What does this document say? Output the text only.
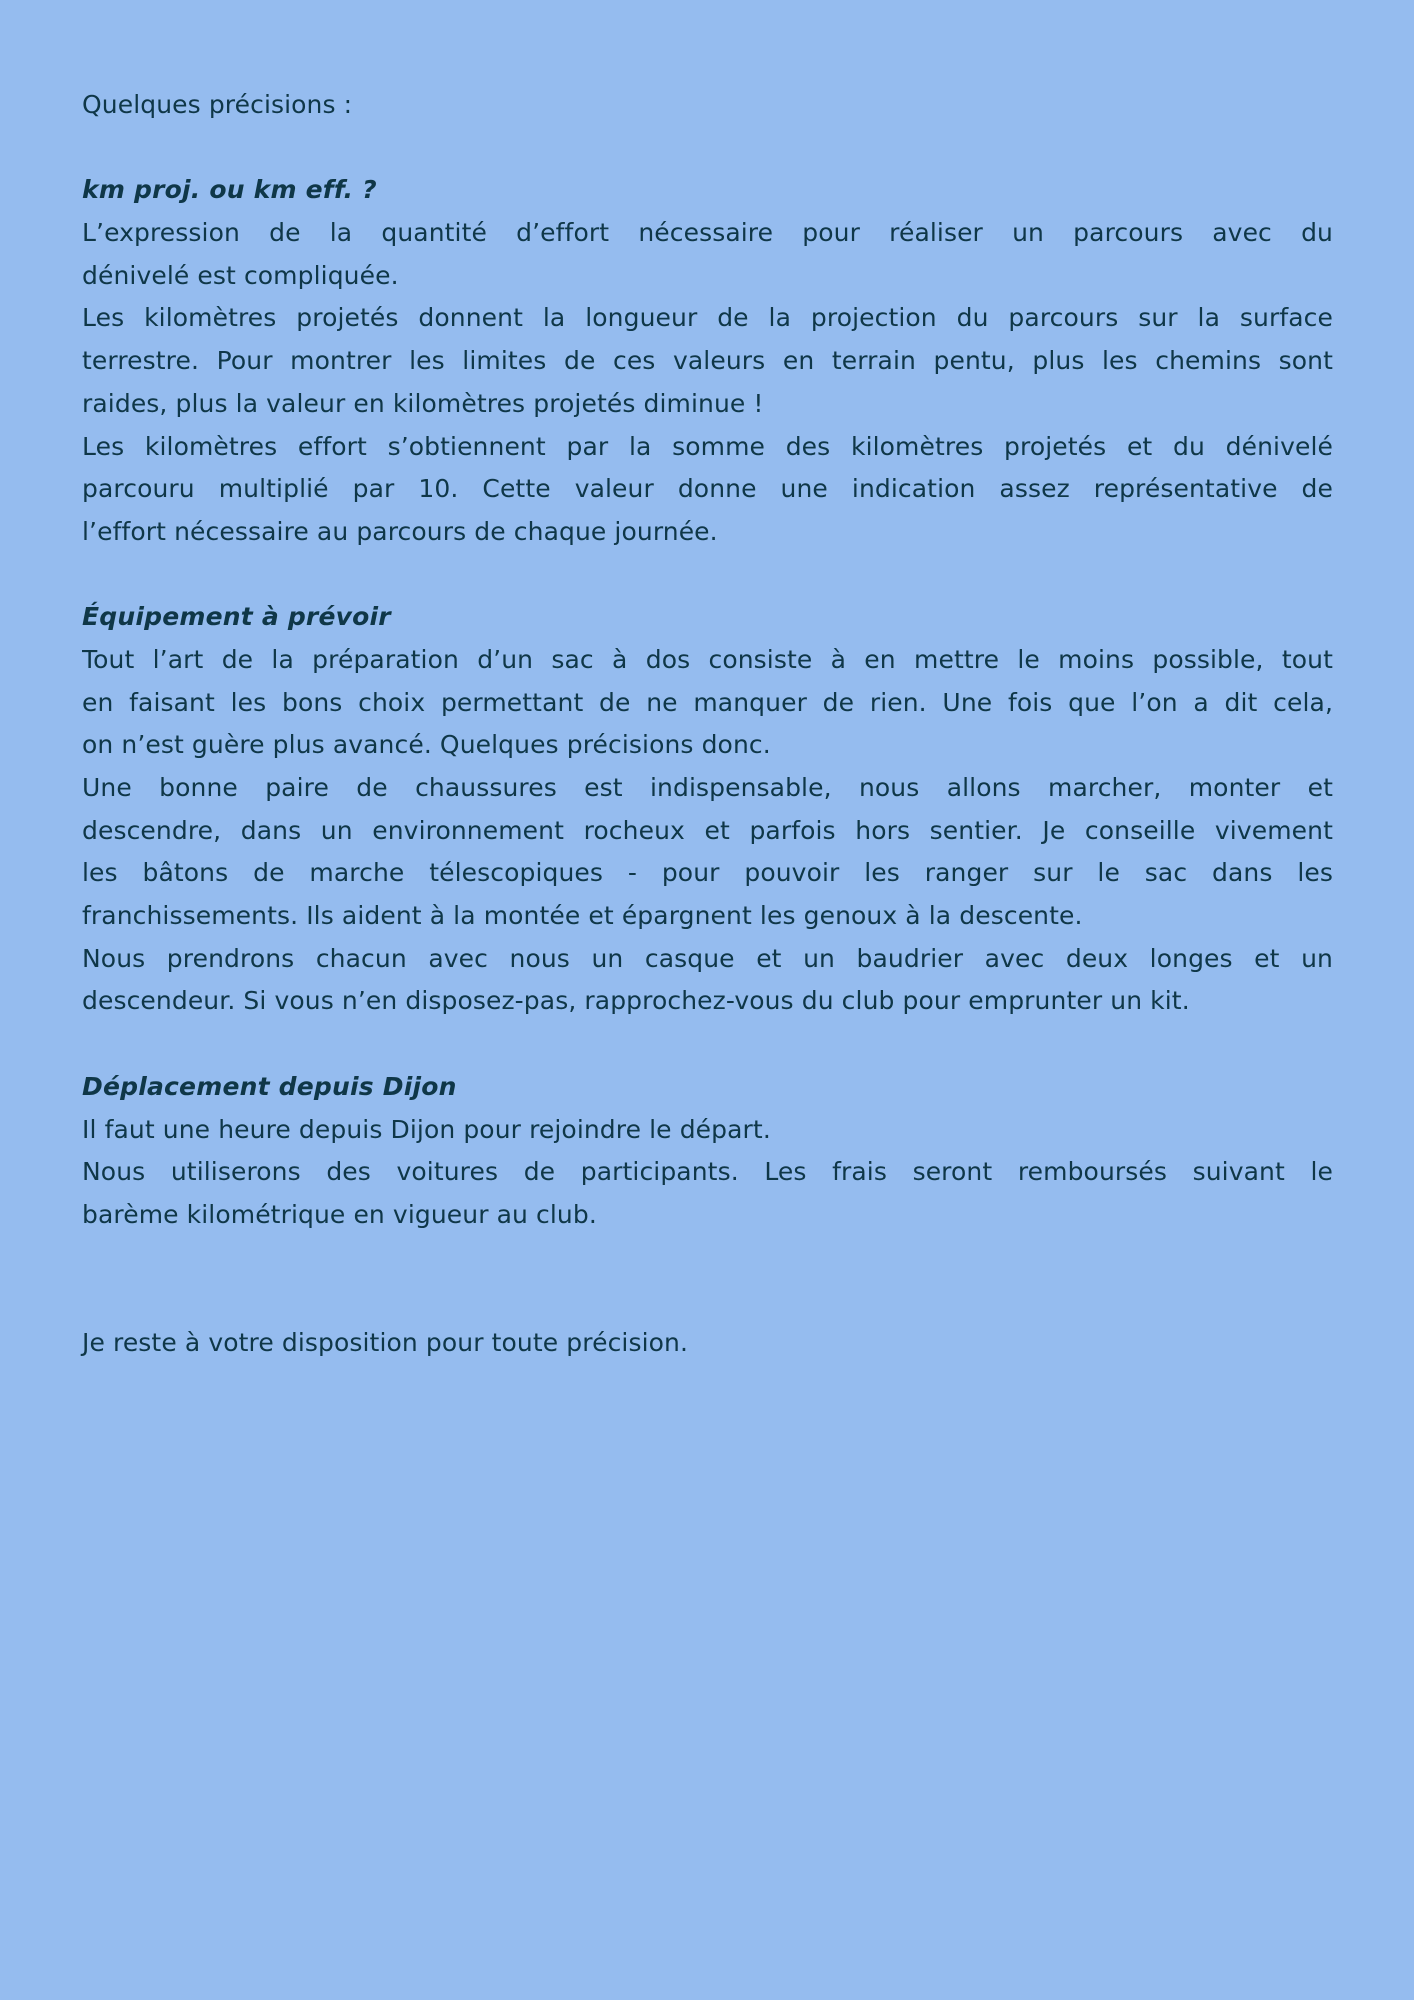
Quelques précisions :
km proj. ou km eff. ?
L’expression de la quantité d’effort nécessaire pour réaliser un parcours avec du
dénivelé est compliquée.
Les kilomètres projetés donnent la longueur de la projection du parcours sur la surface
terrestre. Pour montrer les limites de ces valeurs en terrain pentu, plus les chemins sont
raides, plus la valeur en kilomètres projetés diminue !
Les kilomètres effort s’obtiennent par la somme des kilomètres projetés et du dénivelé
parcouru multiplié par 10. Cette valeur donne une indication assez représentative de
l’effort nécessaire au parcours de chaque journée.
Équipement à prévoir
Tout l’art de la préparation d’un sac à dos consiste à en mettre le moins possible, tout
en faisant les bons choix permettant de ne manquer de rien. Une fois que l’on a dit cela,
on n’est guère plus avancé. Quelques précisions donc.
Une bonne paire de chaussures est indispensable, nous allons marcher, monter et
descendre, dans un environnement rocheux et parfois hors sentier. Je conseille vivement
les bâtons de marche télescopiques - pour pouvoir les ranger sur le sac dans les
franchissements. Ils aident à la montée et épargnent les genoux à la descente.
Nous prendrons chacun avec nous un casque et un baudrier avec deux longes et un
descendeur. Si vous n’en disposez-pas, rapprochez-vous du club pour emprunter un kit.
Déplacement depuis Dijon
Il faut une heure depuis Dijon pour rejoindre le départ.
Nous utiliserons des voitures de participants. Les frais seront remboursés suivant le
barème kilométrique en vigueur au club.
Je reste à votre disposition pour toute précision.
